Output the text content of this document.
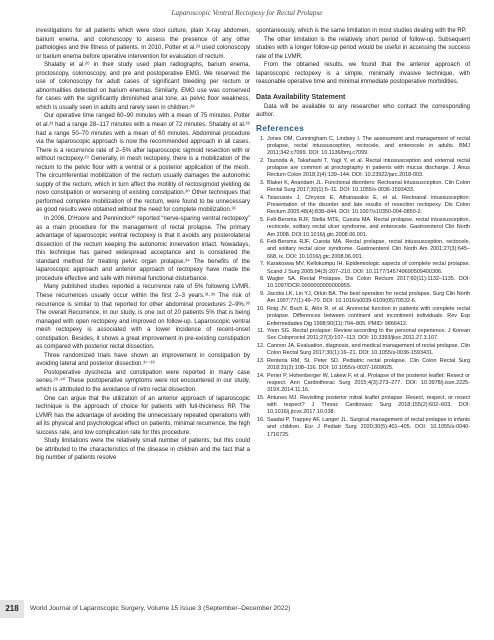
Laparoscopic Ventral Rectopexy for Rectal Prolapse

investigations for all patients which were stool culture, plain X-ray abdomen, barium enema, and colonoscopy to assess the presence of any other pathologies and the fitness of patients. In 2010, Potter et al.²³ used colonoscopy or barium enema before operative intervention for evaluation of rectum.

Shalaby et al.²⁶ in their study used plain radiographs, barium enema, proctoscopy, colonoscopy, and pre and postoperative EMG. We reserved the use of colonoscopy for adult cases of significant bleeding per rectum or abnormalities detected on barium enemas. Similarly, EMG use was conserved for cases with the significantly diminished anal tone, as pelvic floor weakness, which is usually seen in adults and rarely seen in children.²⁸

Our operative time ranged 60–90 minutes with a mean of 75 minutes. Potter et al.²³ had a range 28–117 minutes with a mean of 72 minutes. Shalaby et al.²⁶ had a range 50–70 minutes with a mean of 60 minutes. Abdominal procedure via the laparoscopic approach is now the recommended approach in all cases. There is a recurrence rate of 2–5% after laparoscopic sigmoid resection with or without rectopexy.²⁹ Generally, in mesh rectopexy, there is a mobilization of the rectum to the pelvic floor with a ventral or a posterior application of the mesh. The circumferential mobilization of the rectum usually damages the autonomic supply of the rectum, which in turn affect the motility of rectosigmoid yielding de novo constipation or worsening of existing constipation.³⁰ Other techniques that performed complete mobilization of the rectum, were found to be unnecessary as good results were obtained without the need for complete mobilization.³³

In 2006, D'Hoore and Penninckx³⁰ reported “nerve-sparing ventral rectopexy” as a main procedure for the management of rectal prolapse. The primary advantage of laparoscopic ventral rectopexy is that it avoids any posterolateral dissection of the rectum keeping the autonomic innervation intact. Nowadays, this technique has gained widespread acceptance and is considered the standard method for treating pelvic organ prolapse.³⁴ The benefits of the laparoscopic approach and anterior approach of rectopexy have made the procedure effective and safe with minimal functional disturbance.

Many published studies reported a recurrence rate of 5% following LVMR. These recurrences usually occur within the first 2–3 years.³¹·³⁵ The risk of recurrence is similar to that reported for other abdominal procedures 2–9%.³⁶ The overall Recurrence, in our study, is one out of 20 patients 5% that is being managed with open rectopexy and improved on follow-up. Laparoscopic ventral mesh rectopexy is associated with a lower incidence of recent-onset constipation. Besides, it shows a great improvement in pre-existing constipation as compared with posterior rectal dissection.

Three randomized trials have shown an improvement in constipation by avoiding lateral and posterior dissection.³⁷⁻³⁹

Postoperative dyschezia and constipation were reported in many case series.²⁹·⁴⁰ These postoperative symptoms were not encountered in our study, which is attributed to the avoidance of retro rectal dissection.

One can argue that the utilization of an anterior approach of laparoscopic technique is the approach of choice for patients with full-thickness RP. The LVMR has the advantage of avoiding the unnecessary repeated operations with all its physical and psychological effect on patients, minimal recurrence, the high success rate, and low complication rate for this procedure.

Study limitations were the relatively small number of patients, but this could be attributed to the characteristics of the disease in children and the fact that a big number of patients resolve

spontaneously, which is the same limitation in most studies dealing with the RP.

The other limitation is the relatively short period of follow-up. Subsequent studies with a longer follow-up period would be useful in accessing the success rate of the LVMR.

From the obtained results, we found that the anterior approach of laparoscopic rectopexy is a simple, minimally invasive technique, with reasonable operative time and minimal immediate postoperative morbidities.

Data Availability Statement

Data will be available to any researcher who contact the corresponding author.

References
1. Jones OM, Cunningham C, Lindsey I. The assessment and management of rectal prolapse, rectal intussusception, rectocele, and enterocele in adults. BMJ 2011;342:c7099. DOI: 10.1136/bmj.c7099.
2. Tsunoda A, Takahashi T, Yagi Y, et al. Rectal intussusception and external rectal prolapse are common at proctography in patients with mucus discharge. J Anus Rectum Colon 2018;2(4):139–144. DOI: 10.23922/jarc.2018-003.
3. Blaker K, Anandam JL. Functional disorders: Rectoanal Intussusception. Clin Colon Rectal Surg 2017;30(1):5–11. DOI: 10.1055/s-0036-1593433.
4. Tsiaoussis J, Chrysos E, Athanasakis E, et al. Rectoanal intussusception: Presentation of the disorder and late results of resection rectopexy. Dis Colon Rectum 2005;48(4):838–844. DOI: 10.1007/s10350-004-0850-2.
5. Felt-Bersma RJF, Stella MTE, Cuesta MA. Rectal prolapse, rectal intussusception, rectocele, solitary rectal ulcer syndrome, and enterocele. Gastroenterol Clin North Am 2008. DOI:10.1016/j.gtc.2008.06.001.
6. Felt-Bersma RJF, Cuesta MA. Rectal prolapse, rectal intussusception, rectocele, and solitary rectal ulcer syndrome. Gastroenterol Clin North Am 2001;27(3):645–668, ix. DOI: 10.1016/j.gtc.2008.06.001.
7. Karakoswa MV, Kellokumpu IH. Epidemiologic aspects of complete rectal prolapse. Scand J Surg 2005;94(3):207–210. DOI: 10.1177/145749690509400306.
8. Wagler SA. Rectal Prolapse. Dis Colon Rectum 2017;60(11):1132–1135. DOI: 10.1097/DCR.0000000000000955.
9. Jacobs LK, Lin YJ, Orkin BA. The best operation for rectal prolapse. Surg Clin North Am 1997;77(1):49–70. DOI: 10.1016/s0039-6109(05)70532-6.
10. Roig JV, Buch E, Alós R, et al. Anorectal function in patients with complete rectal prolapse. Differences between continent and incontinent individuals. Rev Esp Enfermedades Dig 1998;90(11):794–805. PMID: 9866412.
11. Yoon SG. Rectal prolapse: Review according to the personal experience. J Korean Soc Coloproctol 2011;27(3):107–113. DOI: 10.3393/jksc.2011.27.3.107.
12. Cannon JA. Evaluation, diagnosis, and medical management of rectal prolapse. Clin Colon Rectal Surg 2017;30(1):16–21. DOI: 10.1055/s-0036-1593431.
13. Renteria RM, St. Peter SD. Pediatric rectal prolapse. Clin Colon Rectal Surg 2018;31(2):108–116. DOI: 10.1055/s-0037-1609025.
14. Perier P, Hohenberger W, Lakew F, et al. Prolapse of the posterior leaflet: Resect or respect. Ann Cardiothorac Surg 2015;4(3):273–277. DOI: 10.3978/j.issn.2225-319X.2014.11.16.
15. Antunes MJ. Revisiting posterior mitral leaflet prolapse: Resect, respect, or resect with respect? J Thorac Cardiovasc Surg 2018;155(2):602–603. DOI: 10.1016/j.jtcvs.2017.10.038.
16. Saadai P, Trappey AF, Langer JL. Surgical management of rectal prolapse in infants and children. Eur J Pediatr Surg 2020;30(5):401–405. DOI: 10.1055/s-0040-1716725.
218	World Journal of Laparoscopic Surgery, Volume 15 Issue 3 (September–December 2022)
